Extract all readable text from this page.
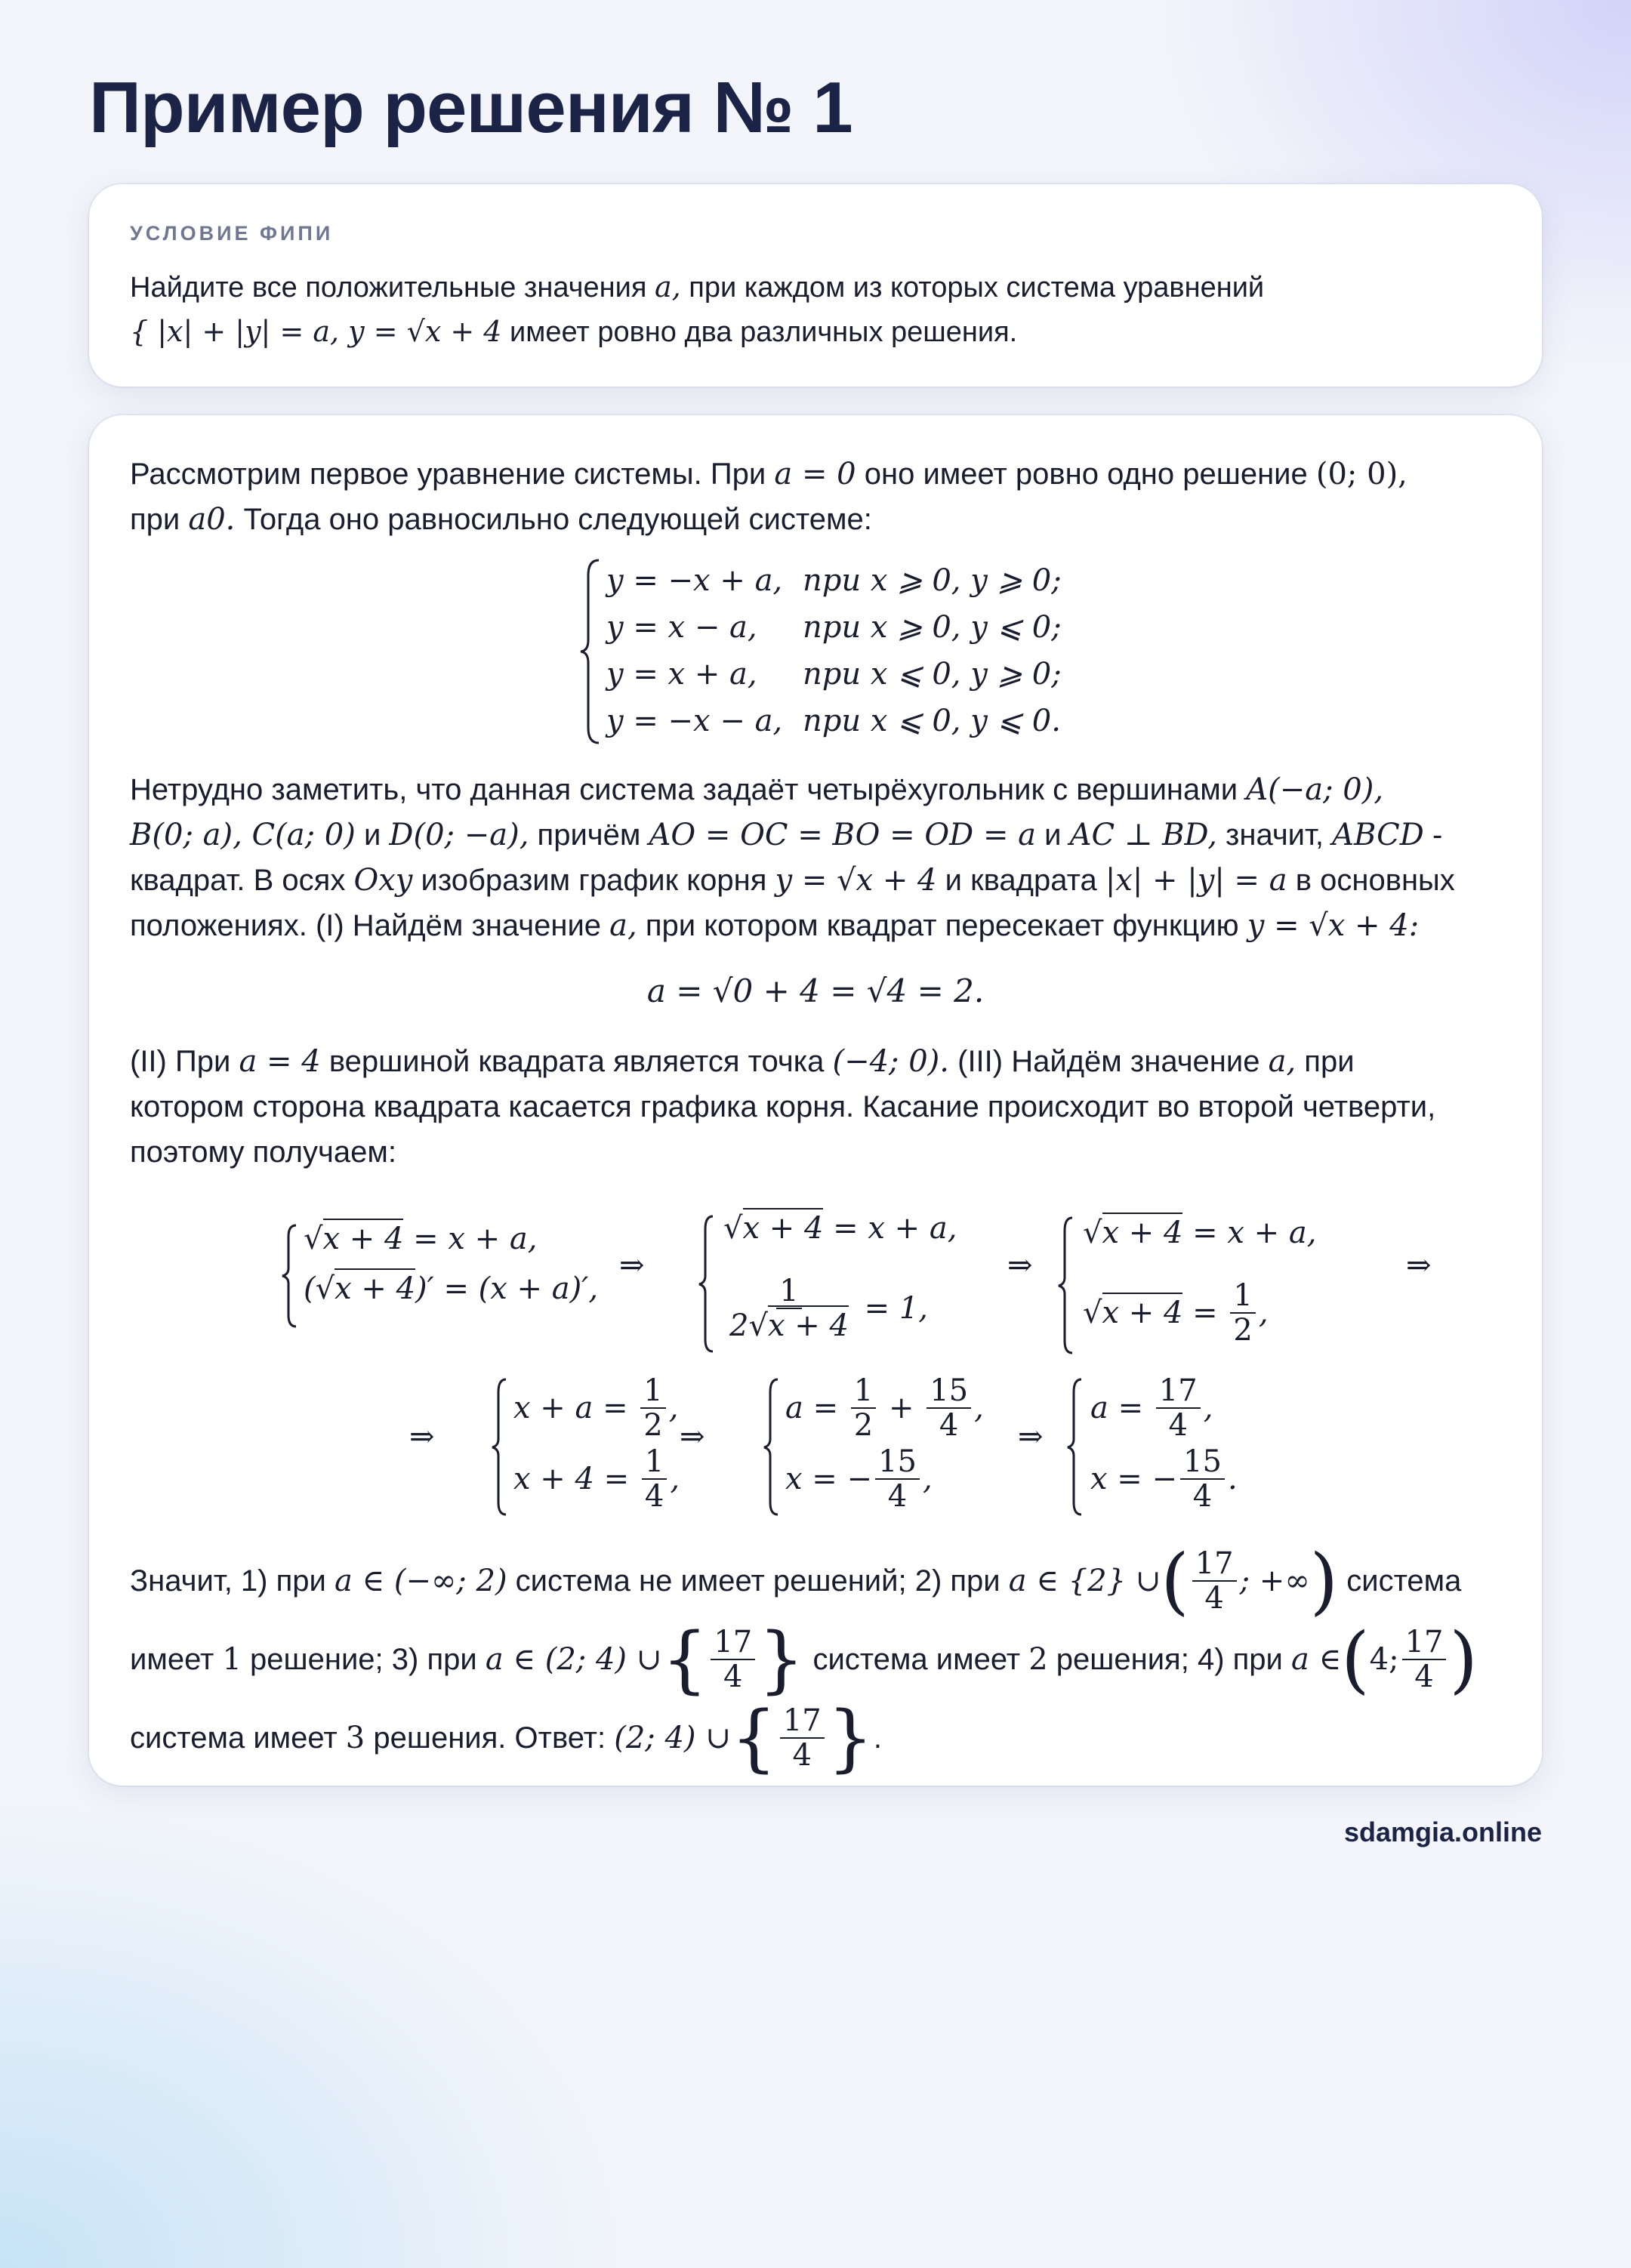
Пример решения № 1
УСЛОВИЕ ФИПИ
Найдите все положительные значения a, при каждом из которых система уравнений
{ |x| + |y| = a, y = √x + 4 имеет ровно два различных решения.
Рассмотрим первое уравнение системы. При a = 0 оно имеет ровно одно решение (0; 0),
при a0. Тогда оно равносильно следующей системе:
y = −x + a, при x ⩾ 0, y ⩾ 0;
y = x − a, при x ⩾ 0, y ⩽ 0;
y = x + a, при x ⩽ 0, y ⩾ 0;
y = −x − a, при x ⩽ 0, y ⩽ 0.
Нетрудно заметить, что данная система задаёт четырёхугольник с вершинами A(−a; 0),
B(0; a), C(a; 0) и D(0; −a), причём AO = OC = BO = OD = a и AC ⊥ BD, значит, ABCD -
квадрат. В осях Oxy изобразим график корня y = √x + 4 и квадрата |x| + |y| = a в основных
положениях. (I) Найдём значение a, при котором квадрат пересекает функцию y = √x + 4:
a = √0 + 4 = √4 = 2.
(II) При a = 4 вершиной квадрата является точка (−4; 0). (III) Найдём значение a, при
котором сторона квадрата касается графика корня. Касание происходит во второй четверти,
поэтому получаем:
√x + 4 = x + a,
(√x + 4)′ = (x + a)′,
⇒
√x + 4 = x + a,
$\frac{1}{2√x + 4} = 1$,
⇒
√x + 4 = x + a,
$√x + 4 = \frac{1}{2}$ ,
⇒
⇒
$x + a = \frac{1}{2}$ ,
$x + 4 = \frac{1}{4}$ ,
⇒
$a = \frac{1}{2} + \frac{15}{4}$ ,
x = − $\frac{15}{4}$ ,
⇒
$a = \frac{17}{4}$ ,
x = − $\frac{15}{4}$ .
Значит, 1) при
a ∈ (−∞; 2)
система не имеет решений; 2) при
a ∈ {2} ∪ ( $\frac{17}{4}$ ; +∞ )
система
имеет
1
решение; 3) при
a ∈ (2; 4) ∪ { $\frac{17}{4}$ }
система имеет
2
решения; 4) при
a ∈ ( 4; $\frac{17}{4}$ )
система имеет
3
решения. Ответ:
(2; 4) ∪ { $\frac{17}{4}$ } .
sdamgia.online
